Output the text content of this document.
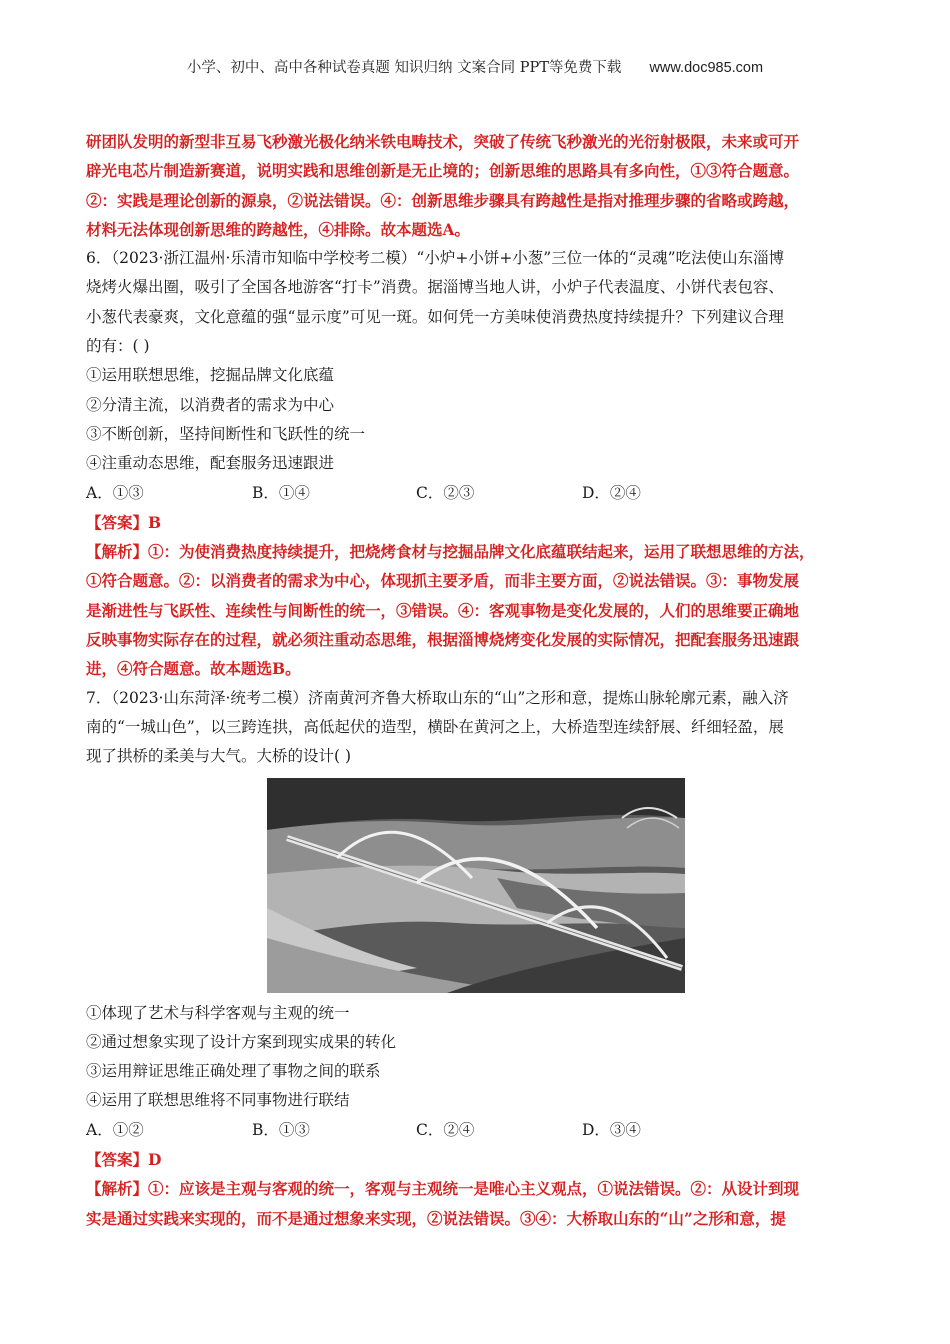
小学、初中、高中各种试卷真题 知识归纳 文案合同 PPT等免费下载 www.doc985.com

研团队发明的新型非互易飞秒激光极化纳米铁电畴技术，突破了传统飞秒激光的光衍射极限，未来或可开

辟光电芯片制造新赛道，说明实践和思维创新是无止境的；创新思维的思路具有多向性，①③符合题意。

②：实践是理论创新的源泉，②说法错误。④：创新思维步骤具有跨越性是指对推理步骤的省略或跨越，

材料无法体现创新思维的跨越性，④排除。故本题选A。

6．（2023·浙江温州·乐清市知临中学校考二模）“小炉+小饼+小葱”三位一体的“灵魂”吃法使山东淄博

烧烤火爆出圈，吸引了全国各地游客“打卡”消费。据淄博当地人讲，小炉子代表温度、小饼代表包容、

小葱代表豪爽，文化意蕴的强“显示度”可见一斑。如何凭一方美味使消费热度持续提升？下列建议合理

的有：( )

①运用联想思维，挖掘品牌文化底蕴

②分清主流，以消费者的需求为中心

③不断创新，坚持间断性和飞跃性的统一

④注重动态思维，配套服务迅速跟进

A．①③	B．①④	C．②③	D．②④

【答案】B

【解析】①：为使消费热度持续提升，把烧烤食材与挖掘品牌文化底蕴联结起来，运用了联想思维的方法，

①符合题意。②：以消费者的需求为中心，体现抓主要矛盾，而非主要方面，②说法错误。③：事物发展

是渐进性与飞跃性、连续性与间断性的统一，③错误。④：客观事物是变化发展的，人们的思维要正确地

反映事物实际存在的过程，就必须注重动态思维，根据淄博烧烤变化发展的实际情况，把配套服务迅速跟

进，④符合题意。故本题选B。

7．（2023·山东菏泽·统考二模）济南黄河齐鲁大桥取山东的“山”之形和意，提炼山脉轮廓元素，融入济

南的“一城山色”，以三跨连拱，高低起伏的造型，横卧在黄河之上，大桥造型连续舒展、纤细轻盈，展

现了拱桥的柔美与大气。大桥的设计( )

①体现了艺术与科学客观与主观的统一

②通过想象实现了设计方案到现实成果的转化

③运用辩证思维正确处理了事物之间的联系

④运用了联想思维将不同事物进行联结

A．①②	B．①③	C．②④	D．③④

【答案】D

【解析】①：应该是主观与客观的统一，客观与主观统一是唯心主义观点，①说法错误。②：从设计到现

实是通过实践来实现的，而不是通过想象来实现，②说法错误。③④：大桥取山东的“山”之形和意，提
